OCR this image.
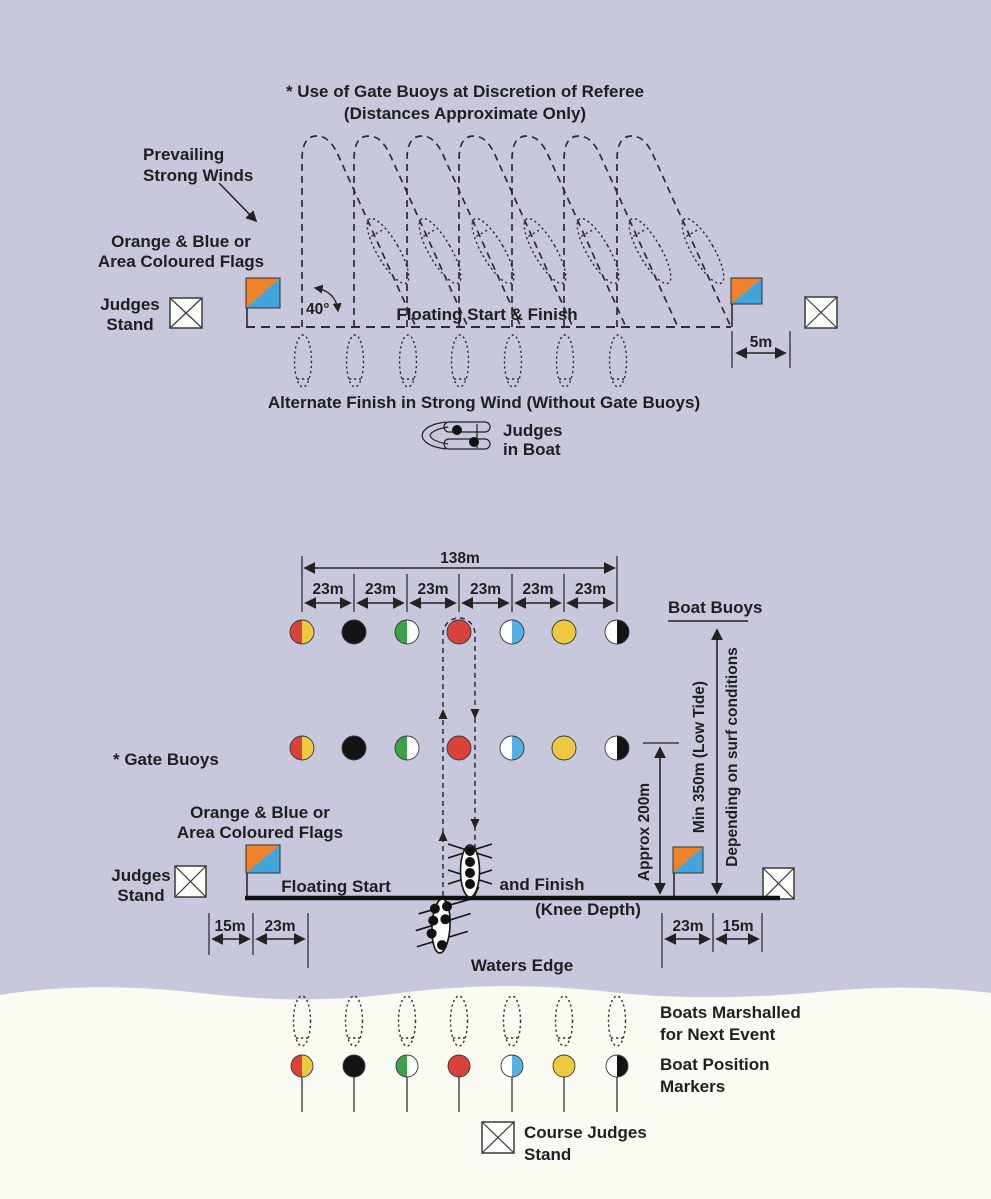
* Use of Gate Buoys at Discretion of Referee
(Distances Approximate Only)
Prevailing
Strong Winds
Orange & Blue or
Area Coloured Flags
Judges
Stand
40°	Floating Start & Finish
5m
Alternate Finish in Strong Wind (Without Gate Buoys)
Judges
in Boat
138m
23m 23m 23m 23m 23m 23m
Boat Buoys
* Gate Buoys	Min 350m (Low Tide) Depending on surf conditions
Approx 200m
Orange & Blue or
Area Coloured Flags
Judges
Stand	Floating Start	and Finish
(Knee Depth)
15m 23m	23m 15m
Waters Edge
Boats Marshalled
for Next Event
Boat Position
Markers
Course Judges
Stand
